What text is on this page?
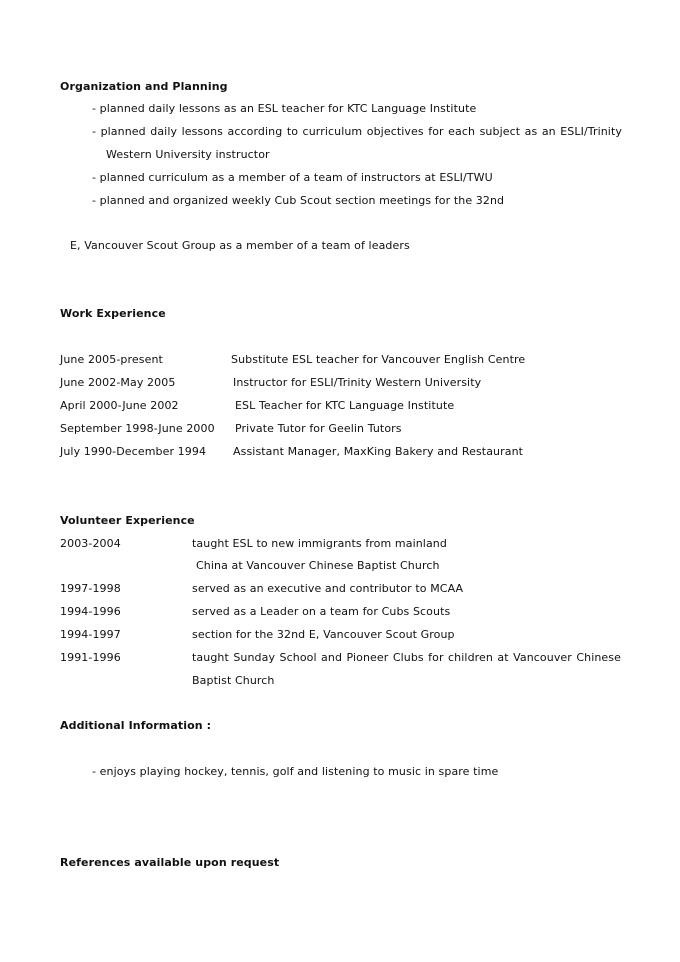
Organization and Planning
- planned daily lessons as an ESL teacher for KTC Language Institute
- planned daily lessons according to curriculum objectives for each subject as an ESLI/Trinity
Western University instructor
- planned curriculum as a member of a team of instructors at ESLI/TWU
- planned and organized weekly Cub Scout section meetings for the 32nd
E, Vancouver Scout Group as a member of a team of leaders
Work Experience
June 2005-present	Substitute ESL teacher for Vancouver English Centre
June 2002-May 2005	Instructor for ESLI/Trinity Western University
April 2000-June 2002	ESL Teacher for KTC Language Institute
September 1998-June 2000 Private Tutor for Geelin Tutors
July 1990-December 1994 Assistant Manager, MaxKing Bakery and Restaurant
Volunteer Experience
2003-2004	taught ESL to new immigrants from mainland
China at Vancouver Chinese Baptist Church
1997-1998	served as an executive and contributor to MCAA
1994-1996	served as a Leader on a team for Cubs Scouts
1994-1997	section for the 32nd E, Vancouver Scout Group
1991-1996	taught Sunday School and Pioneer Clubs for children at Vancouver Chinese
Baptist Church
Additional Information :
- enjoys playing hockey, tennis, golf and listening to music in spare time
References available upon request
